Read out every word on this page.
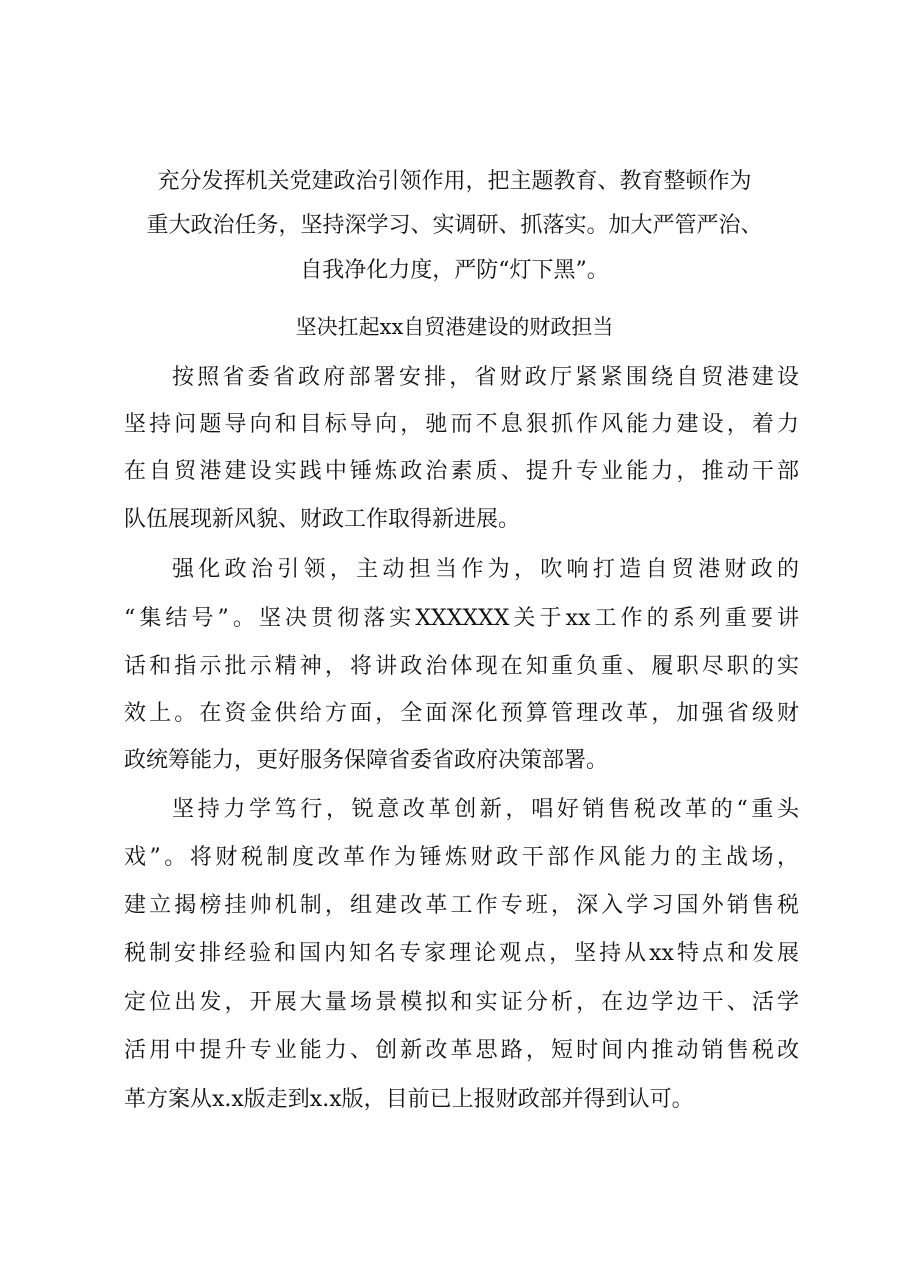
充分发挥机关党建政治引领作用，把主题教育、教育整顿作为

重大政治任务，坚持深学习、实调研、抓落实。加大严管严治、

自我净化力度，严防“灯下黑”。

坚决扛起xx自贸港建设的财政担当

按照省委省政府部署安排，省财政厅紧紧围绕自贸港建设

坚持问题导向和目标导向，驰而不息狠抓作风能力建设，着力

在自贸港建设实践中锤炼政治素质、提升专业能力，推动干部

队伍展现新风貌、财政工作取得新进展。

强化政治引领，主动担当作为，吹响打造自贸港财政的

“集结号”。坚决贯彻落实XXXXXX关于xx工作的系列重要讲

话和指示批示精神，将讲政治体现在知重负重、履职尽职的实

效上。在资金供给方面，全面深化预算管理改革，加强省级财

政统筹能力，更好服务保障省委省政府决策部署。

坚持力学笃行，锐意改革创新，唱好销售税改革的“重头

戏”。将财税制度改革作为锤炼财政干部作风能力的主战场，

建立揭榜挂帅机制，组建改革工作专班，深入学习国外销售税

税制安排经验和国内知名专家理论观点，坚持从xx特点和发展

定位出发，开展大量场景模拟和实证分析，在边学边干、活学

活用中提升专业能力、创新改革思路，短时间内推动销售税改

革方案从x.x版走到x.x版，目前已上报财政部并得到认可。
